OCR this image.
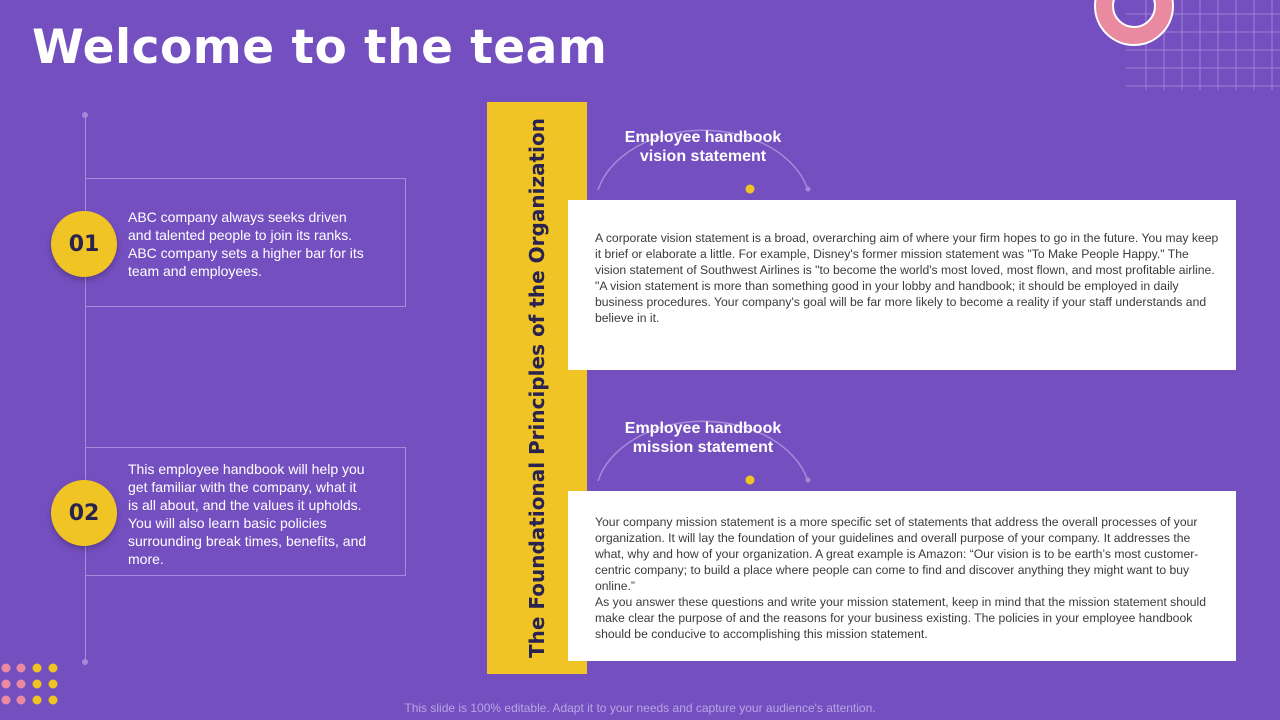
Welcome to the team
01
ABC company always seeks driven and talented people to join its ranks. ABC company sets a higher bar for its team and employees.
02
This employee handbook will help you get familiar with the company, what it is all about, and the values it upholds. You will also learn basic policies surrounding break times, benefits, and more.	The Foundational Principles of the Organization	Employee handbook vision statement

A corporate vision statement is a broad, overarching aim of where your firm hopes to go in the future. You may keep it brief or elaborate a little. For example, Disney's former mission statement was "To Make People Happy." The vision statement of Southwest Airlines is "to become the world's most loved, most flown, and most profitable airline.

"A vision statement is more than something good in your lobby and handbook; it should be employed in daily business procedures. Your company's goal will be far more likely to become a reality if your staff understands and believe in it.

Employee handbook mission statement

Your company mission statement is a more specific set of statements that address the overall processes of your organization. It will lay the foundation of your guidelines and overall purpose of your company. It addresses the what, why and how of your organization. A great example is Amazon: “Our vision is to be earth’s most customer-centric company; to build a place where people can come to find and discover anything they might want to buy online.”

As you answer these questions and write your mission statement, keep in mind that the mission statement should make clear the purpose of and the reasons for your business existing. The policies in your employee handbook should be conducive to accomplishing this mission statement.

This slide is 100% editable. Adapt it to your needs and capture your audience's attention.
